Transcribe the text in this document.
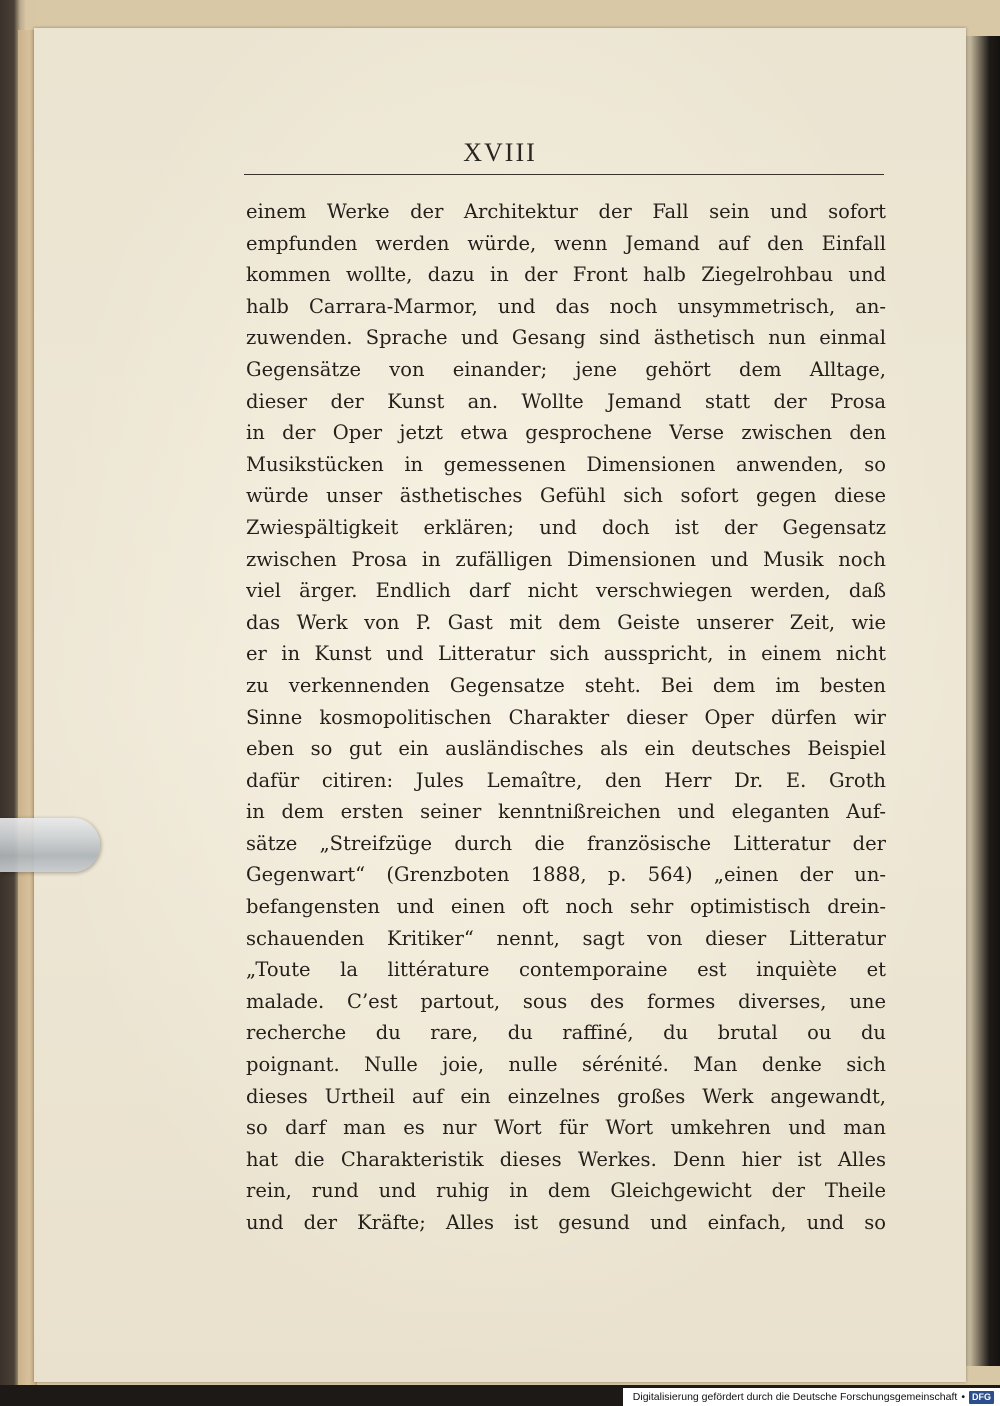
XVIII
einem Werke der Architektur der Fall sein und sofort
empfunden werden würde, wenn Jemand auf den Einfall
kommen wollte, dazu in der Front halb Ziegelrohbau und
halb Carrara-Marmor, und das noch unsymmetrisch, an-
zuwenden. Sprache und Gesang sind ästhetisch nun einmal
Gegensätze von einander; jene gehört dem Alltage,
dieser der Kunst an. Wollte Jemand statt der Prosa
in der Oper jetzt etwa gesprochene Verse zwischen den
Musikstücken in gemessenen Dimensionen anwenden, so
würde unser ästhetisches Gefühl sich sofort gegen diese
Zwiespältigkeit erklären; und doch ist der Gegensatz
zwischen Prosa in zufälligen Dimensionen und Musik noch
viel ärger. Endlich darf nicht verschwiegen werden, daß
das Werk von P. Gast mit dem Geiste unserer Zeit, wie
er in Kunst und Litteratur sich ausspricht, in einem nicht
zu verkennenden Gegensatze steht. Bei dem im besten
Sinne kosmopolitischen Charakter dieser Oper dürfen wir
eben so gut ein ausländisches als ein deutsches Beispiel
dafür citiren: Jules Lemaître, den Herr Dr. E. Groth
in dem ersten seiner kenntnißreichen und eleganten Auf-
sätze „Streifzüge durch die französische Litteratur der
Gegenwart“ (Grenzboten 1888, p. 564) „einen der un-
befangensten und einen oft noch sehr optimistisch drein-
schauenden Kritiker“ nennt, sagt von dieser Litteratur
„Toute la littérature contemporaine est inquiète et
malade. C’est partout, sous des formes diverses, une
recherche du rare, du raffiné, du brutal ou du
poignant. Nulle joie, nulle sérénité. Man denke sich
dieses Urtheil auf ein einzelnes großes Werk angewandt,
so darf man es nur Wort für Wort umkehren und man
hat die Charakteristik dieses Werkes. Denn hier ist Alles
rein, rund und ruhig in dem Gleichgewicht der Theile
und der Kräfte; Alles ist gesund und einfach, und so
Digitalisierung gefördert durch die Deutsche Forschungsgemeinschaft • DFG
